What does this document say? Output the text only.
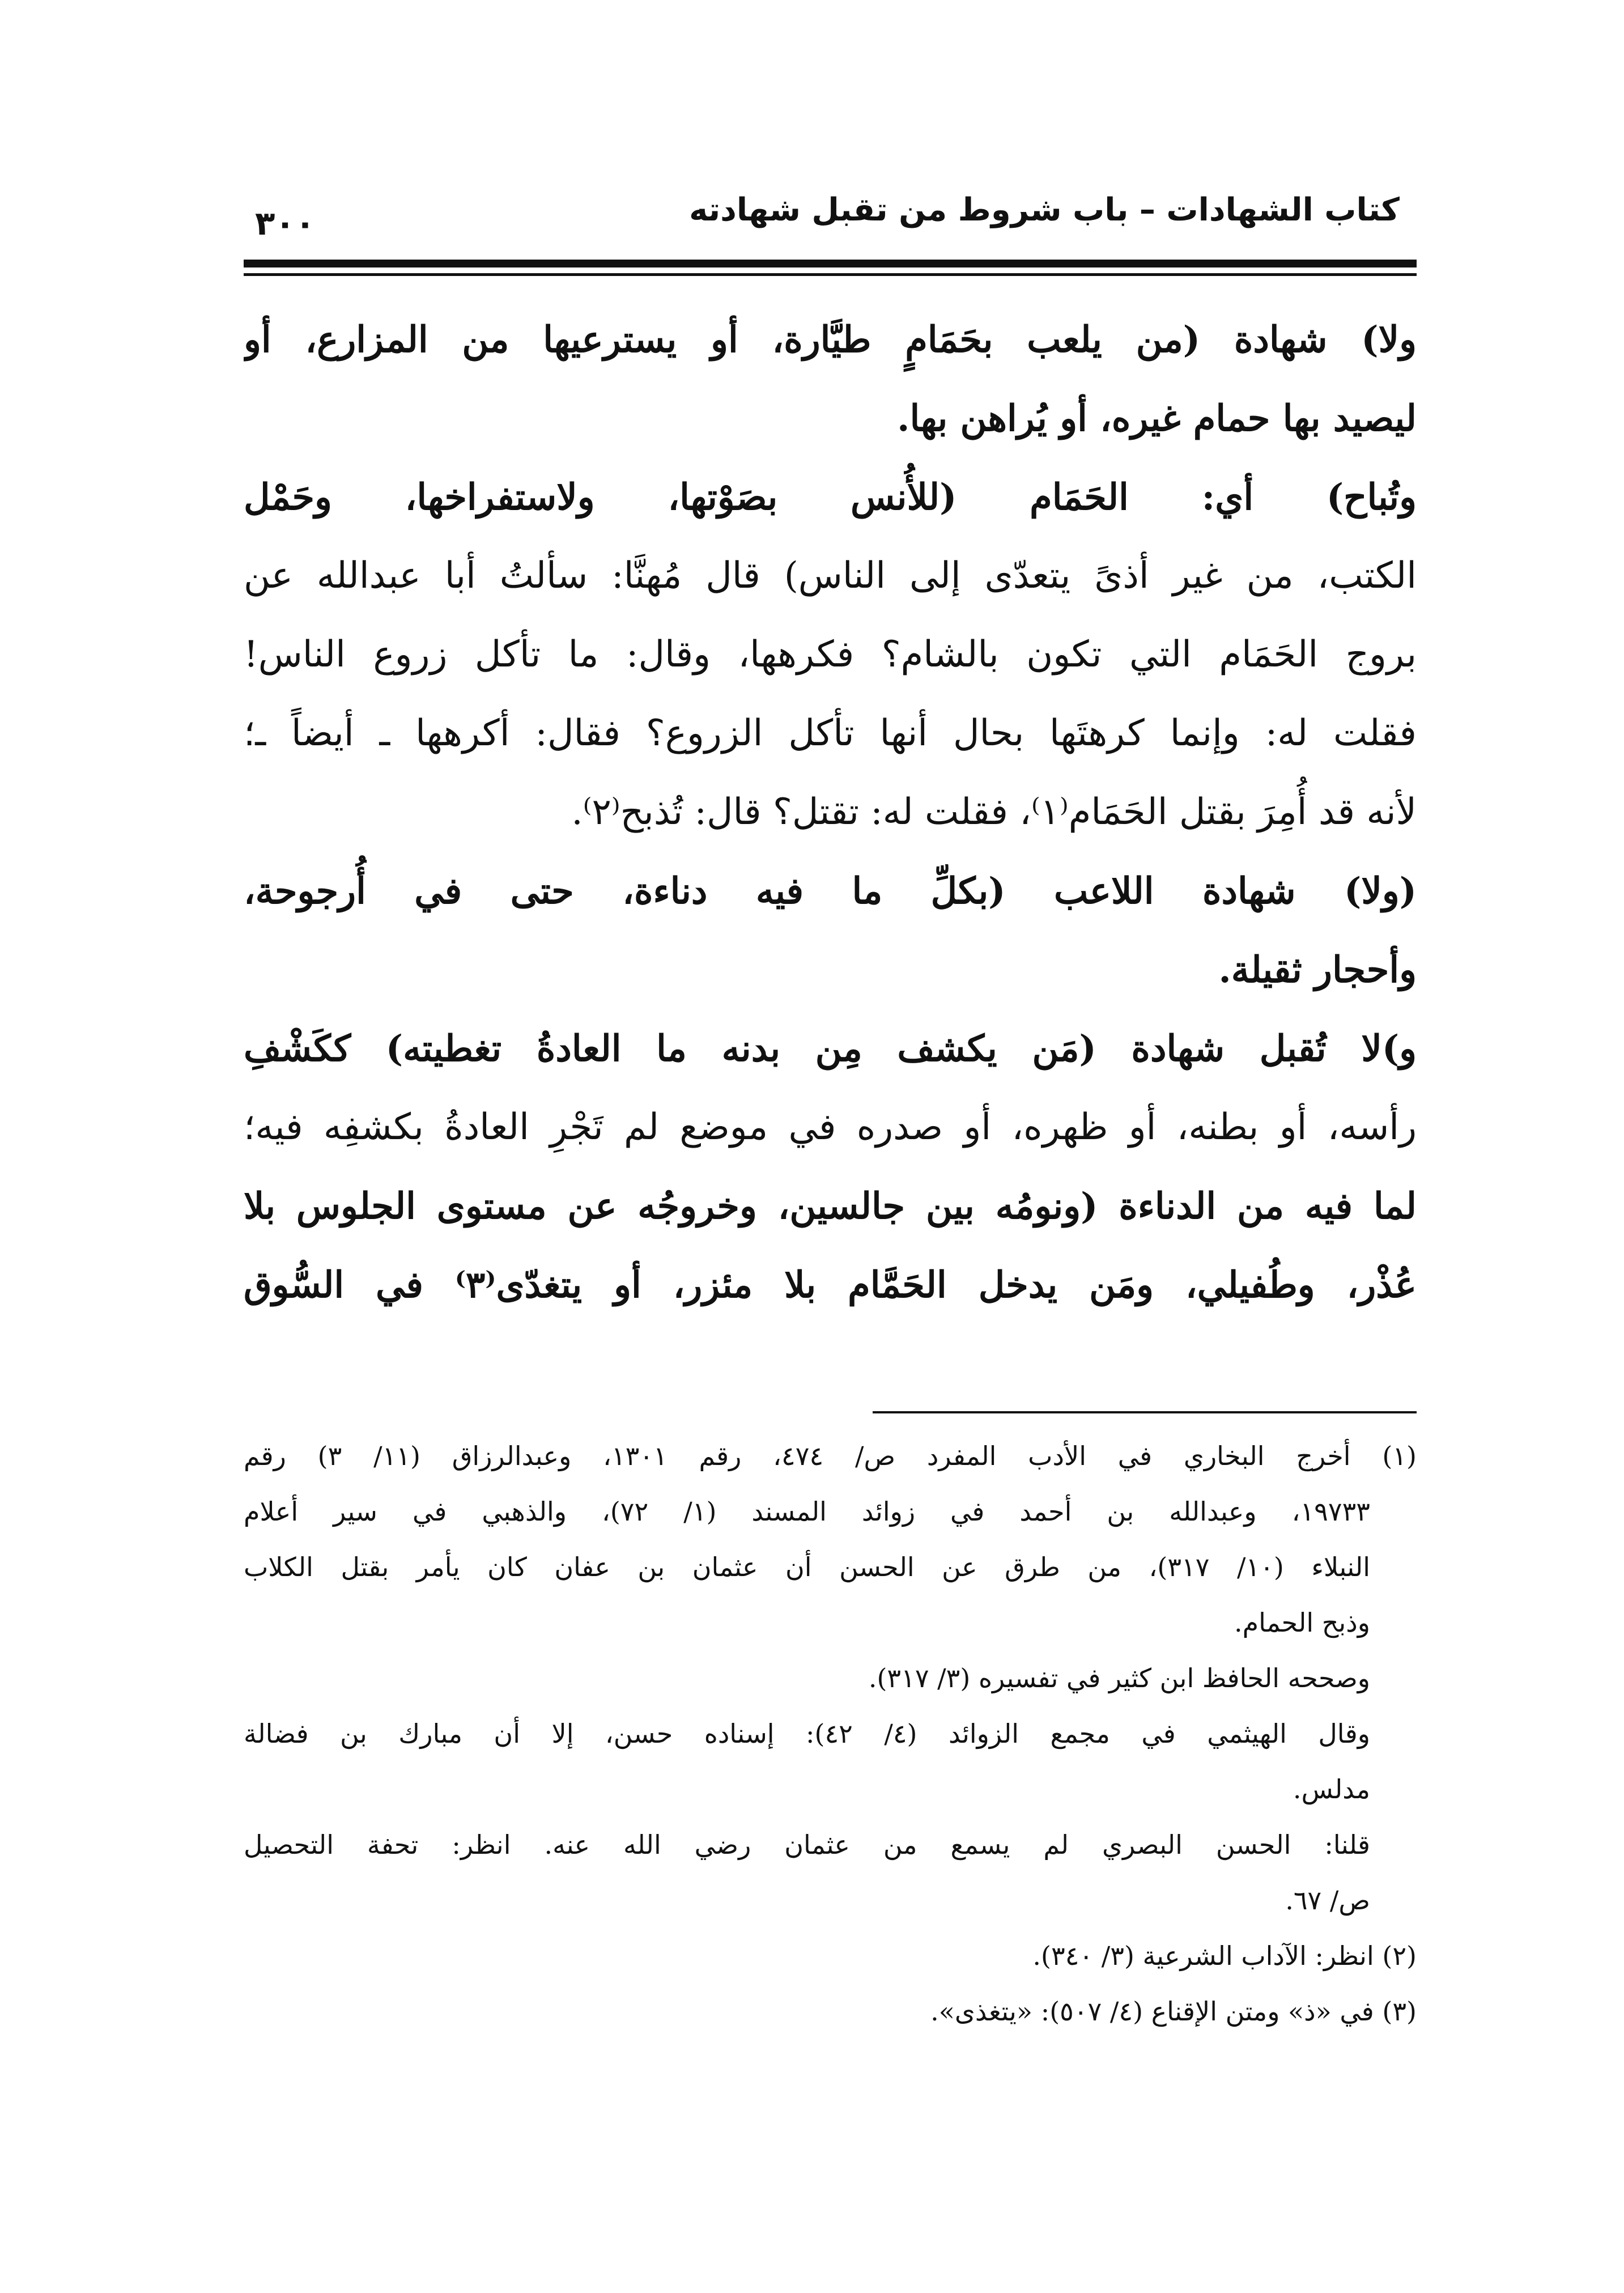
كتاب الشهادات – باب شروط من تقبل شهادته
٣٠٠
ولا) شهادة (من يلعب بحَمَامٍ طيَّارة، أو يسترعيها من المزارع، أو
ليصيد بها حمام غيره، أو يُراهن بها.
وتُباح) أي: الحَمَام (للأُنس بصَوْتها، ولاستفراخها، وحَمْل
الكتب، من غير أذىً يتعدّى إلى الناس) قال مُهنَّا: سألتُ أبا عبدالله عن
بروج الحَمَام التي تكون بالشام؟ فكرهها، وقال: ما تأكل زروع الناس!
فقلت له: وإنما كرهتَها بحال أنها تأكل الزروع؟ فقال: أكرهها ـ أيضاً ـ؛
لأنه قد أُمِرَ بقتل الحَمَام⁽١⁾، فقلت له: تقتل؟ قال: تُذبح⁽٢⁾.
(ولا) شهادة اللاعب (بكلِّ ما فيه دناءة، حتى في أُرجوحة،
وأحجار ثقيلة.
و)لا تُقبل شهادة (مَن يكشف مِن بدنه ما العادةُ تغطيته) ككَشْفِ
رأسه، أو بطنه، أو ظهره، أو صدره في موضع لم تَجْرِ العادةُ بكشفِه فيه؛
لما فيه من الدناءة (ونومُه بين جالسين، وخروجُه عن مستوى الجلوس بلا
عُذْر، وطُفيلي، ومَن يدخل الحَمَّام بلا مئزر، أو يتغدّى⁽٣⁾ في السُّوق
(١) أخرج البخاري في الأدب المفرد ص/ ٤٧٤، رقم ١٣٠١، وعبدالرزاق (١١/ ٣) رقم
١٩٧٣٣، وعبدالله بن أحمد في زوائد المسند (١/ ٧٢)، والذهبي في سير أعلام
النبلاء (١٠/ ٣١٧)، من طرق عن الحسن أن عثمان بن عفان كان يأمر بقتل الكلاب
وذبح الحمام.
وصححه الحافظ ابن كثير في تفسيره (٣/ ٣١٧).
وقال الهيثمي في مجمع الزوائد (٤/ ٤٢): إسناده حسن، إلا أن مبارك بن فضالة
مدلس.
قلنا: الحسن البصري لم يسمع من عثمان رضي الله عنه. انظر: تحفة التحصيل
ص/ ٦٧.
(٢) انظر: الآداب الشرعية (٣/ ٣٤٠).
(٣) في «ذ» ومتن الإقناع (٤/ ٥٠٧): «يتغذى».
